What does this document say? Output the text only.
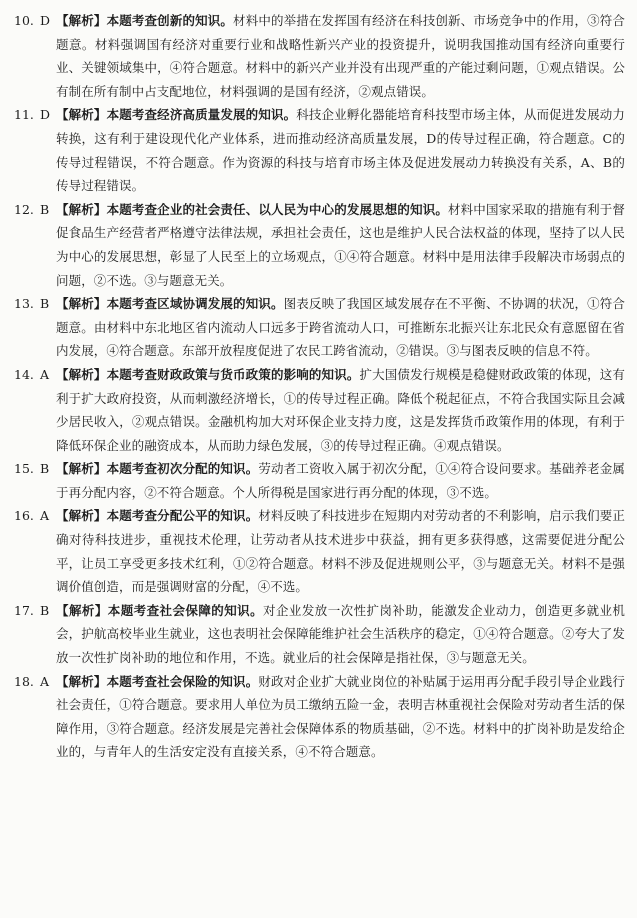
10. D 【解析】本题考查创新的知识。材料中的举措在发挥国有经济在科技创新、市场竞争中的作用，③符合题意。材料强调国有经济对重要行业和战略性新兴产业的投资提升，说明我国推动国有经济向重要行业、关键领域集中，④符合题意。材料中的新兴产业并没有出现严重的产能过剩问题，①观点错误。公有制在所有制中占支配地位，材料强调的是国有经济，②观点错误。
11. D 【解析】本题考查经济高质量发展的知识。科技企业孵化器能培育科技型市场主体，从而促进发展动力转换，这有利于建设现代化产业体系，进而推动经济高质量发展，D的传导过程正确，符合题意。C的传导过程错误，不符合题意。作为资源的科技与培育市场主体及促进发展动力转换没有关系，A、B的传导过程错误。
12. B 【解析】本题考查企业的社会责任、以人民为中心的发展思想的知识。材料中国家采取的措施有利于督促食品生产经营者严格遵守法律法规，承担社会责任，这也是维护人民合法权益的体现，坚持了以人民为中心的发展思想，彰显了人民至上的立场观点，①④符合题意。材料中是用法律手段解决市场弱点的问题，②不选。③与题意无关。
13. B 【解析】本题考查区域协调发展的知识。图表反映了我国区域发展存在不平衡、不协调的状况，①符合题意。由材料中东北地区省内流动人口远多于跨省流动人口，可推断东北振兴让东北民众有意愿留在省内发展，④符合题意。东部开放程度促进了农民工跨省流动，②错误。③与图表反映的信息不符。
14. A 【解析】本题考查财政政策与货币政策的影响的知识。扩大国债发行规模是稳健财政政策的体现，这有利于扩大政府投资，从而刺激经济增长，①的传导过程正确。降低个税起征点，不符合我国实际且会减少居民收入，②观点错误。金融机构加大对环保企业支持力度，这是发挥货币政策作用的体现，有利于降低环保企业的融资成本，从而助力绿色发展，③的传导过程正确。④观点错误。
15. B 【解析】本题考查初次分配的知识。劳动者工资收入属于初次分配，①④符合设问要求。基础养老金属于再分配内容，②不符合题意。个人所得税是国家进行再分配的体现，③不选。
16. A 【解析】本题考查分配公平的知识。材料反映了科技进步在短期内对劳动者的不利影响，启示我们要正确对待科技进步，重视技术伦理，让劳动者从技术进步中获益，拥有更多获得感，这需要促进分配公平，让员工享受更多技术红利，①②符合题意。材料不涉及促进规则公平，③与题意无关。材料不是强调价值创造，而是强调财富的分配，④不选。
17. B 【解析】本题考查社会保障的知识。对企业发放一次性扩岗补助，能激发企业动力，创造更多就业机会，护航高校毕业生就业，这也表明社会保障能维护社会生活秩序的稳定，①④符合题意。②夸大了发放一次性扩岗补助的地位和作用，不选。就业后的社会保障是指社保，③与题意无关。
18. A 【解析】本题考查社会保险的知识。财政对企业扩大就业岗位的补贴属于运用再分配手段引导企业践行社会责任，①符合题意。要求用人单位为员工缴纳五险一金，表明吉林重视社会保险对劳动者生活的保障作用，③符合题意。经济发展是完善社会保障体系的物质基础，②不选。材料中的扩岗补助是发给企业的，与青年人的生活安定没有直接关系，④不符合题意。
